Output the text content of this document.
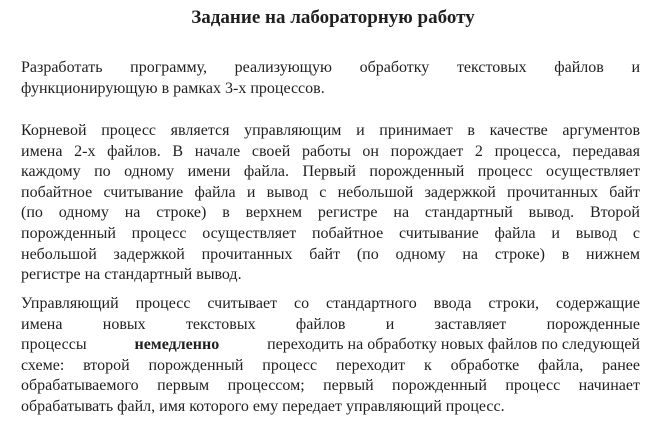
Задание на лабораторную работу

Разработать программу, реализующую обработку текстовых файлов и
функционирующую в рамках 3-х процессов.

Корневой процесс является управляющим и принимает в качестве аргументов
имена 2-х файлов. В начале своей работы он порождает 2 процесса, передавая
каждому по одному имени файла. Первый порожденный процесс осуществляет
побайтное считывание файла и вывод с небольшой задержкой прочитанных байт
(по одному на строке) в верхнем регистре на стандартный вывод. Второй
порожденный процесс осуществляет побайтное считывание файла и вывод с
небольшой задержкой прочитанных байт (по одному на строке) в нижнем
регистре на стандартный вывод.

Управляющий процесс считывает со стандартного ввода строки, содержащие
имена новых текстовых файлов и заставляет порожденные
процессы	немедленно	переходить на обработку новых файлов по следующей
схеме: второй порожденный процесс переходит к обработке файла, ранее
обрабатываемого первым процессом; первый порожденный процесс начинает
обрабатывать файл, имя которого ему передает управляющий процесс.
